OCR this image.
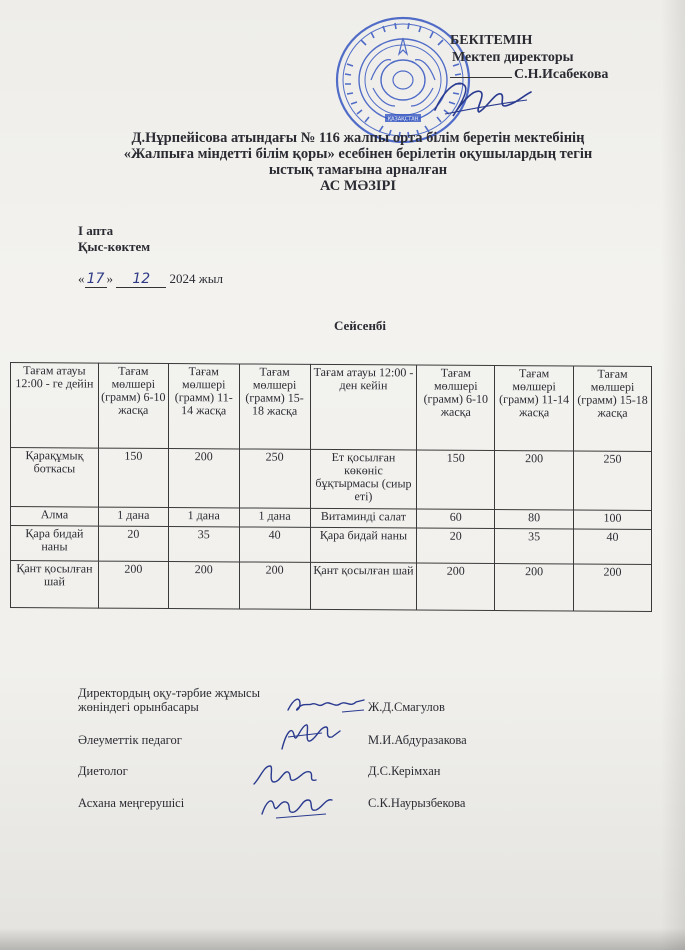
ҚАЗАҚСТАН
БЕКІТЕМІН
Мектеп директоры
С.Н.Исабекова
Д.Нұрпейісова атындағы № 116 жалпы орта білім беретін мектебінің
«Жалпыға міндетті білім қоры» есебінен берілетін оқушылардың тегін
ыстық тамағына арналған
АС МӘЗІРІ
I апта
Қыс-көктем
« 17 » 12 2024 жыл
Сейсенбі
Тағам атауы 12:00 - ге дейін	Тағам мөлшері (грамм) 6-10 жасқа	Тағам мөлшері (грамм) 11-14 жасқа	Тағам мөлшері (грамм) 15-18 жасқа	Тағам атауы 12:00 - ден кейін	Тағам мөлшері (грамм) 6-10 жасқа	Тағам мөлшері (грамм) 11-14 жасқа	Тағам мөлшері (грамм) 15-18 жасқа
Қарақұмық боткасы	150	200	250	Ет қосылған көкөніс бұқтырмасы (сиыр еті)	150	200	250
Алма	1 дана	1 дана	1 дана	Витаминді салат	60	80	100
Қара бидай наны	20	35	40	Қара бидай наны	20	35	40
Қант қосылған шай	200	200	200	Қант қосылған шай	200	200	200
Директордың оқу-тәрбие жұмысы
жөніндегі орынбасары	Ж.Д.Смагулов
Әлеуметтік педагог	М.И.Абдуразакова
Диетолог	Д.С.Керімхан
Асхана меңгерушісі	С.К.Наурызбекова
